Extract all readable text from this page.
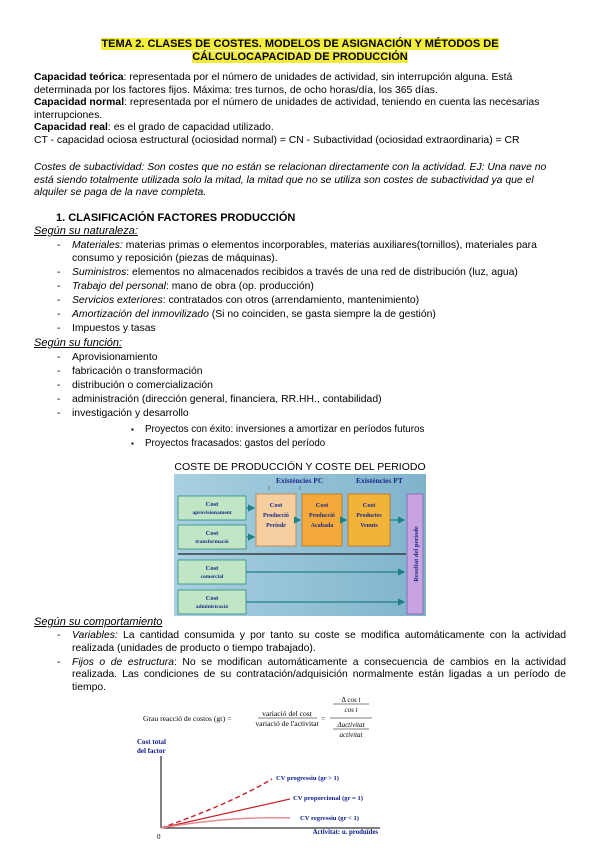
TEMA 2. CLASES DE COSTES. MODELOS DE ASIGNACIÓN Y MÉTODOS DE
CÁLCULOCAPACIDAD DE PRODUCCIÓN
Capacidad teórica: representada por el número de unidades de actividad, sin interrupción alguna. Está determinada por los factores fijos. Máxima: tres turnos, de ocho horas/día, los 365 días.
Capacidad normal: representada por el número de unidades de actividad, teniendo en cuenta las necesarias interrupciones.
Capacidad real: es el grado de capacidad utilizado.
CT - capacidad ociosa estructural (ociosidad normal) = CN - Subactividad (ociosidad extraordinaria) = CR
Costes de subactividad: Son costes que no están se relacionan directamente con la actividad. EJ: Una nave no está siendo totalmente utilizada solo la mitad, la mitad que no se utiliza son costes de subactividad ya que el alquiler se paga de la nave completa.
1. CLASIFICACIÓN FACTORES PRODUCCIÓN
Según su naturaleza:
- Materiales: materias primas o elementos incorporables, materias auxiliares(tornillos), materiales para consumo y reposición (piezas de máquinas).
- Suministros: elementos no almacenados recibidos a través de una red de distribución (luz, agua)
- Trabajo del personal: mano de obra (op. producción)
- Servicios exteriores: contratados con otros (arrendamiento, mantenimiento)
- Amortización del inmovilizado (Si no coinciden, se gasta siempre la de gestión)
- Impuestos y tasas
Según su función:
- Aprovisionamiento
- fabricación o transformación
- distribución o comercialización
- administración (dirección general, financiera, RR.HH., contabilidad)
- investigación y desarrollo
▪ Proyectos con éxito: inversiones a amortizar en períodos futuros
▪ Proyectos fracasados: gastos del período
COSTE DE PRODUCCIÓN Y COSTE DEL PERIODO
Existències PC	Existències PT
Cost
aprovisionament
Cost
transformació
Cost
Producció
Període
Cost
Producció
Acabada
Cost
Productes
Venuts
Cost
comercial
Cost
administració
Resultat del període
Según su comportamiento
- Variables: La cantidad consumida y por tanto su coste se modifica automáticamente con la actividad realizada (unidades de producto o tiempo trabajado).
- Fijos o de estructura: No se modifican automáticamente a consecuencia de cambios en la actividad realizada. Las condiciones de su contratación/adquisición normalmente están ligadas a un período de tiempo.
Grau reacció de costos (gr) =
variació del cost
variació de l'activitat
=
Δ cos t
cos t
Δactivitat
activitat
Cost total
del factor
0
Activitat: u. produïdes
CV progressiu (gr > 1)
CV proporcional (gr = 1)
CV regressiu (gr < 1)
